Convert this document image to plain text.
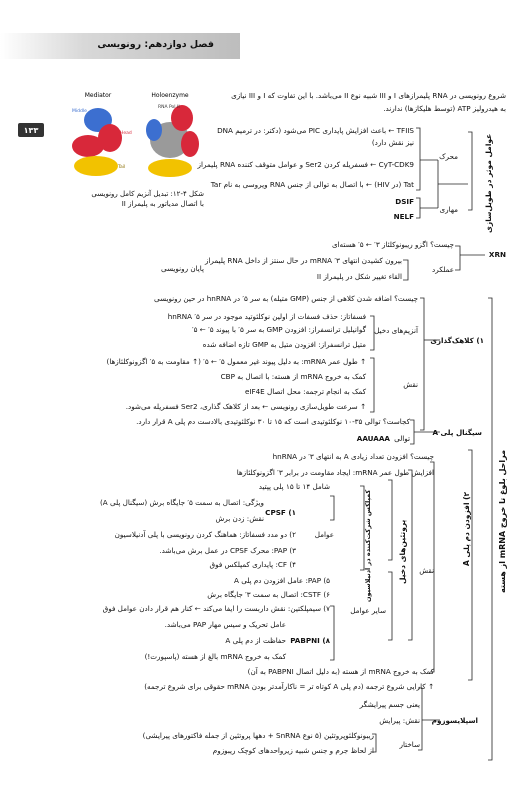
فصل دوازدهم: رونویسی
۱۳۳
Mediator	Holoenzyme
Middle
Head
Tail
RNA Pol II
شکل ۴-۱۲: تبدیل آنزیم کامل رونویسی
با اتصال مدیاتور به پلیمراز II
شروع رونویسی در RNA پلیمرازهای I و III شبیه نوع II می‌باشد. با این تفاوت که I و III نیازی
به هیدرولیز ATP (توسط هلیکازها) ندارند.
عوامل موثر در طویل‌سازی
محرک
مهاری
TFIIS ← باعث افزایش پایداری PIC می‌شود (دکتر: در ترمیم DNA
نیز نقش دارد)
CyT-CDK9 ← فسفریله کردن Ser2 و عوامل متوقف کننده RNA پلیمراز
Tat (در HIV) ← با اتصال به توالی از جنس RNA ویروسی به نام Tar
DSIF
NELF
XRN
چیست؟ اگزو ریبونوکلئاز ۳′ ← ۵′ هسته‌ای
عملکرد
بیرون کشیدن انتهای ۳′ mRNA در حال سنتز از داخل RNA پلیمراز
القاء تغییر شکل در پلیمراز II
پایان رونویسی
مراحل بلوغ تا خروج mRNA از هسته
۱) کلاهک‌گذاری
چیست؟ اضافه شدن کلاهی از جنس (GMP متیله) به سر ۵′ در hnRNA در حین رونویسی
آنزیم‌های دخیل
فسفاتاز: حذف فسفات از اولین نوکلئوتید موجود در سر ۵′ hnRNA
گوانیلیل ترانسفراز: افزودن GMP به سر ۵′ با پیوند ۵′ ← ۵′
متیل ترانسفراز: افزودن متیل به GMP تازه اضافه شده
نقش
↑ طول عمر mRNA: به دلیل پیوند غیر معمول ۵′ ← ۵′ (↑ مقاومت به ۵′ اگزونوکلئازها)
کمک به خروج mRNA از هسته: با اتصال به CBP
کمک به انجام ترجمه: محل اتصال eIF4E
↑ سرعت طویل‌سازی رونویسی ← بعد از کلاهک گذاری، Ser2 فسفریله می‌شود.
سیگنال پلی A
کجاست؟ توالی ۳۵-۱۰ نوکلئوتیدی است که ۱۵ تا ۳۰ نوکلئوتیدی بالادست دم پلی A قرار دارد.
توالی
AAUAAA
۲) افزودن دم پلی A
چیست؟ افزودن تعداد زیادی A به انتهای ۳′ در hnRNA
نقش
افزایش طول عمر mRNA: ایجاد مقاومت در برابر ۳′ اگزونوکلئازها
پروتئین‌های دخیل
کمپلکس شرکت‌کننده در آدنیلاسیون
عوامل
سایر عوامل
شامل ۱۴ تا ۱۵ پلی پپتید
۱) CPSF
ویژگی: اتصال به سمت ۵′ جایگاه برش (سیگنال پلی A)
نقش: زدن برش
۲) دو مدد فسفاتاز: هماهنگ کردن رونویسی با پلی آدنیلاسیون
۳) PAP: محرک CPSF در عمل برش می‌باشد.
۴) CF: پایداری کمپلکس فوق
۵) PAP: عامل افزودن دم پلی A
۶) CSTF: اتصال به سمت ۳′ جایگاه برش
۷) سیمپلکتین: نقش داربست را ایفا می‌کند ← کنار هم قرار دادن عوامل فوق
۸) PABPNI
عامل تحریک و سیس مهار PAP می‌باشد.
حفاظت از دم پلی A
کمک به خروج mRNA بالغ از هسته (پاسپورت!)
کمک به خروج mRNA از هسته (به دلیل اتصال PABPNI به آن)
↑ کارایی شروع ترجمه (دم پلی A کوتاه تر = ناکارآمدتر بودن mRNA حقوقی برای شروع ترجمه)
اسپلایسوزوم
یعنی جسم پیرایشگر
نقش: پیرایش
ساختار
ریبونوکلئوپروتئین (۵ نوع SnRNA + دهها پروتئین از جمله فاکتورهای پیرایشی)
از لحاظ جرم و جنس شبیه زیرواحدهای کوچک ریبوزوم
